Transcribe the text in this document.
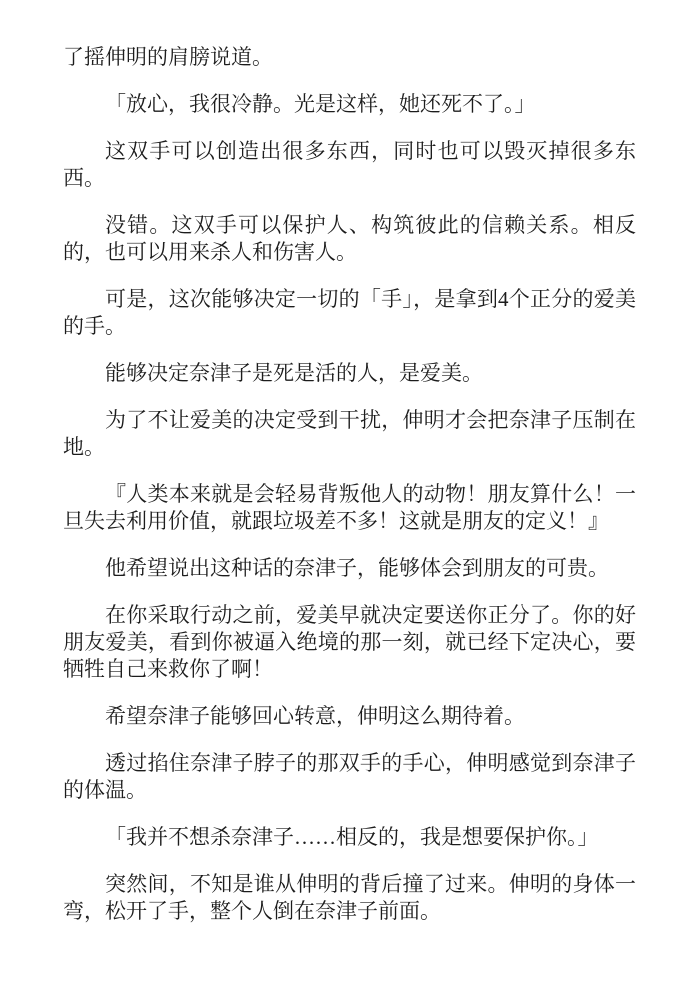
了摇伸明的肩膀说道。

「放心，我很冷静。光是这样，她还死不了。」

这双手可以创造出很多东西，同时也可以毁灭掉很多东西。

没错。这双手可以保护人、构筑彼此的信赖关系。相反的，也可以用来杀人和伤害人。

可是，这次能够决定一切的「手」，是拿到4个正分的爱美的手。

能够决定奈津子是死是活的人，是爱美。

为了不让爱美的决定受到干扰，伸明才会把奈津子压制在地。

『人类本来就是会轻易背叛他人的动物！朋友算什么！一旦失去利用价值，就跟垃圾差不多！这就是朋友的定义！』

他希望说出这种话的奈津子，能够体会到朋友的可贵。

在你采取行动之前，爱美早就决定要送你正分了。你的好朋友爱美，看到你被逼入绝境的那一刻，就已经下定决心，要牺牲自己来救你了啊！

希望奈津子能够回心转意，伸明这么期待着。

透过掐住奈津子脖子的那双手的手心，伸明感觉到奈津子的体温。

「我并不想杀奈津子……相反的，我是想要保护你。」

突然间，不知是谁从伸明的背后撞了过来。伸明的身体一弯，松开了手，整个人倒在奈津子前面。
